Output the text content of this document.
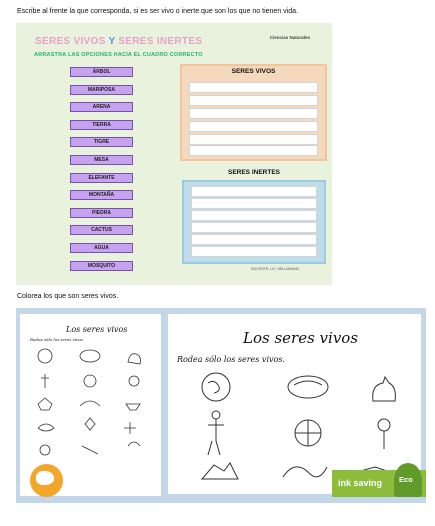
Escribe al frente la que corresponda, si es ser vivo o inerte que son los que no tienen vida.
SERES VIVOS Y SERES INERTES
ARRASTRA LAS OPCIONES HACIA EL CUADRO CORRECTO
Ciencias Naturales
ÁRBOL
MARIPOSA
ARENA
TIERRA
TIGRE
MESA
ELEFANTE
MONTAÑA
PIEDRA
CACTUS
AGUA
MOSQUITO
SERES VIVOS
SERES INERTES
DOCENTE: LIC. HELLMANNS
Colorea los que son seres vivos.
Los seres vivos
Rodea sólo los seres vivos.	Los seres vivos
Rodea sólo los seres vivos.
ink saving Eco
